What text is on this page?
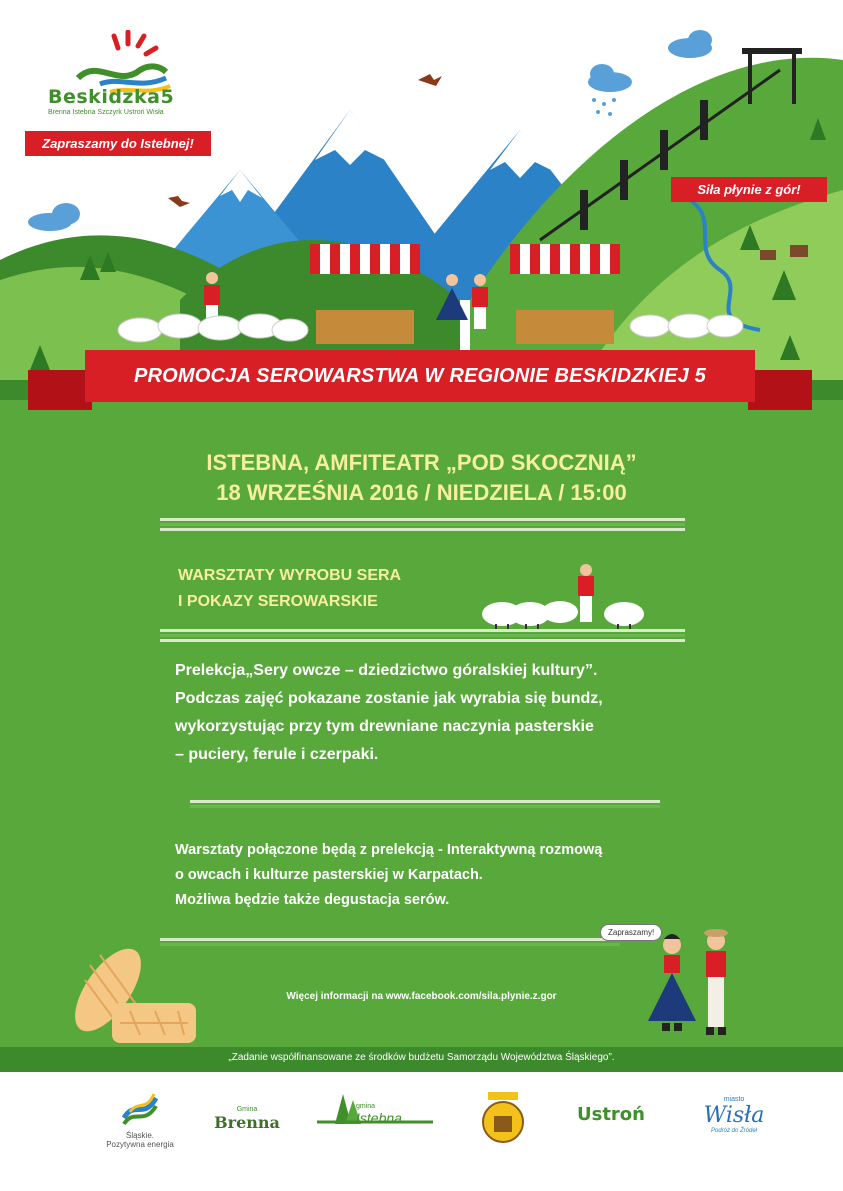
Beskidzka5
Brenna Istebna Szczyrk Ustroń Wisła
Zapraszamy do Istebnej!
Siła płynie z gór!
PROMOCJA SEROWARSTWA W REGIONIE BESKIDZKIEJ 5
ISTEBNA, AMFITEATR „POD SKOCZNIĄ”
18 WRZEŚNIA 2016 / NIEDZIELA / 15:00
WARSZTATY WYROBU SERA
I POKAZY SEROWARSKIE
Prelekcja„Sery owcze – dziedzictwo góralskiej kultury”.
Podczas zajęć pokazane zostanie jak wyrabia się bundz,
wykorzystując przy tym drewniane naczynia pasterskie
– puciery, ferule i czerpaki.
Warsztaty połączone będą z prelekcją - Interaktywną rozmową
o owcach i kulturze pasterskiej w Karpatach.
Możliwa będzie także degustacja serów.
Zapraszamy!
Więcej informacji na www.facebook.com/sila.plynie.z.gor
„Zadanie współfinansowane ze środków budżetu Samorządu Województwa Śląskiego”.
Śląskie.
Pozytywna energia
Gmina
Brenna
gmina
Istebna	Ustroń
miasto
Wisła
Podróż do Źródeł
